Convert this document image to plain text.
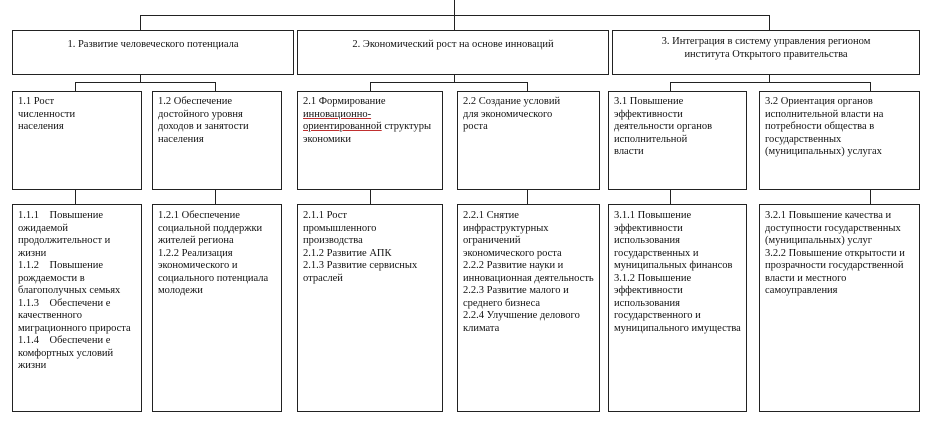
1. Развитие человеческого потенциала	2. Экономический рост на основе инноваций	3. Интеграция в систему управления регионом института Открытого правительства
1.1 Рост численности населения
1.2 Обеспечение достойного уровня доходов и занятости населения
2.1 Формирование инновационно-ориентированной структуры экономики
2.2 Создание условий для экономического роста
3.1 Повышение эффективности деятельности органов исполнительной власти
3.2 Ориентация органов исполнительной власти на потребности общества в государственных (муниципальных) услугах
1.1.1    Повышение ожидаемой продолжительност и жизни
1.1.2    Повышение рождаемости в благополучных семьях
1.1.3    Обеспечени е качественного миграционного прироста
1.1.4    Обеспечени е комфортных условий жизни
1.2.1 Обеспечение социальной поддержки жителей региона
1.2.2 Реализация экономического и социального потенциала молодежи
2.1.1 Рост промышленного производства
2.1.2 Развитие АПК
2.1.3 Развитие сервисных отраслей
2.2.1 Снятие инфраструктурных ограничений экономического роста
2.2.2 Развитие науки и инновационная деятельность
2.2.3 Развитие малого и среднего бизнеса
2.2.4 Улучшение делового климата
3.1.1 Повышение эффективности использования государственных и муниципальных финансов
3.1.2 Повышение эффективности использования государственного и муниципального имущества
3.2.1 Повышение качества и доступности государственных (муниципальных) услуг
3.2.2 Повышение открытости и прозрачности государственной власти и местного самоуправления
